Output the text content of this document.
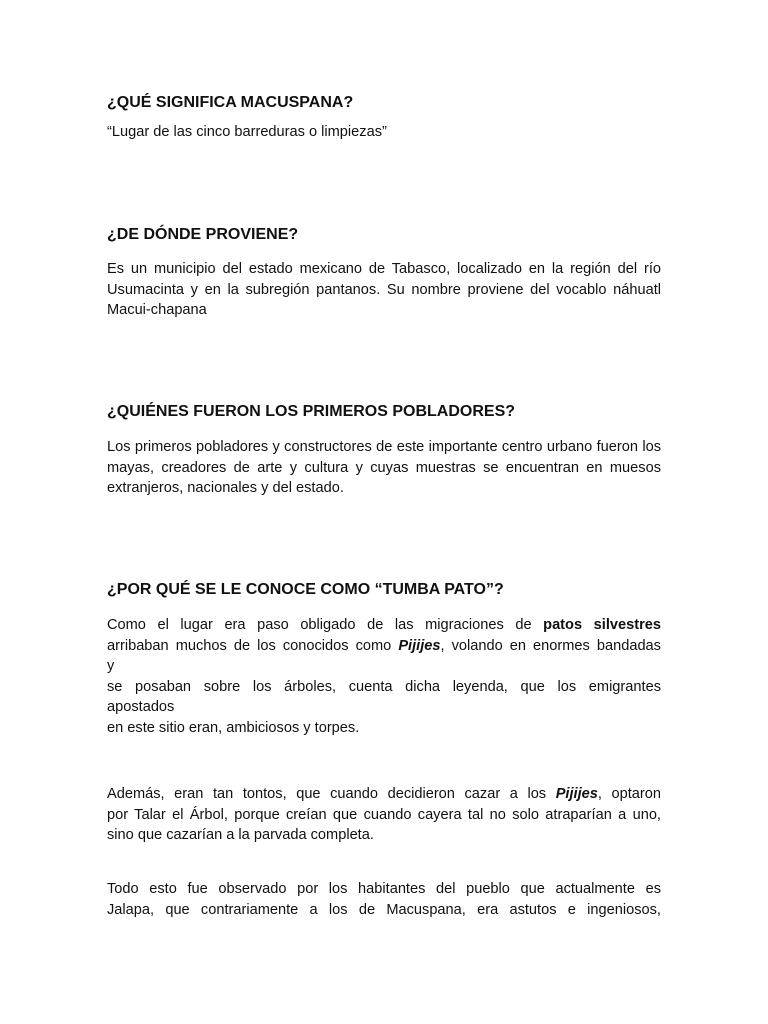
¿QUÉ SIGNIFICA MACUSPANA?

“Lugar de las cinco barreduras o limpiezas”

¿DE DÓNDE PROVIENE?

Es un municipio del estado mexicano de Tabasco, localizado en la región del río Usumacinta y en la subregión pantanos. Su nombre proviene del vocablo náhuatl Macui-chapana

¿QUIÉNES FUERON LOS PRIMEROS POBLADORES?

Los primeros pobladores y constructores de este importante centro urbano fueron los mayas, creadores de arte y cultura y cuyas muestras se encuentran en muesos extranjeros, nacionales y del estado.

¿POR QUÉ SE LE CONOCE COMO “TUMBA PATO”?
Como el lugar era paso obligado de las migraciones de patos silvestres
arribaban muchos de los conocidos como Pijijes, volando en enormes bandadas
y
se posaban sobre los árboles, cuenta dicha leyenda, que los emigrantes
apostados
en este sitio eran, ambiciosos y torpes.
Además, eran tan tontos, que cuando decidieron cazar a los Pijijes, optaron
por Talar el Árbol, porque creían que cuando cayera tal no solo atraparían a uno,
sino que cazarían a la parvada completa.
Todo esto fue observado por los habitantes del pueblo que actualmente es
Jalapa, que contrariamente a los de Macuspana, era astutos e ingeniosos,
